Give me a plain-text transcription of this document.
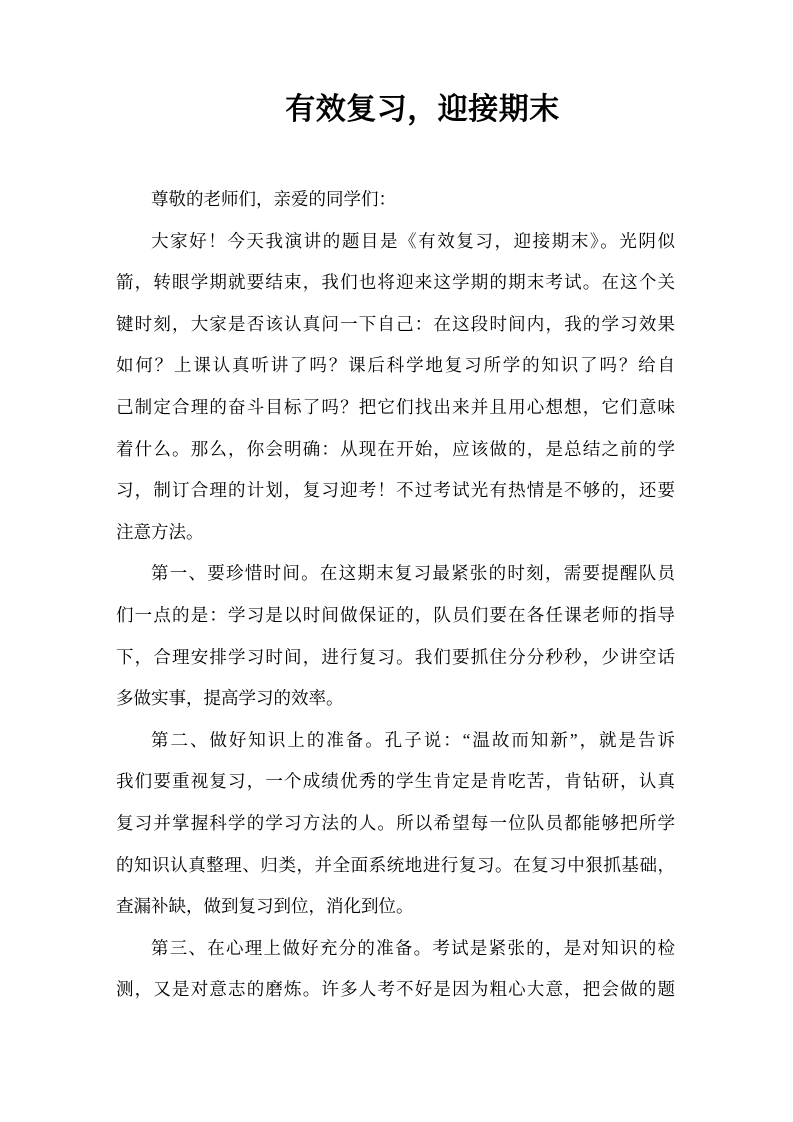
有效复习，迎接期末
尊敬的老师们，亲爱的同学们：
大家好！今天我演讲的题目是《有效复习，迎接期末》。光阴似
箭，转眼学期就要结束，我们也将迎来这学期的期末考试。在这个关
键时刻，大家是否该认真问一下自己：在这段时间内，我的学习效果
如何？上课认真听讲了吗？课后科学地复习所学的知识了吗？给自
己制定合理的奋斗目标了吗？把它们找出来并且用心想想，它们意味
着什么。那么，你会明确：从现在开始，应该做的，是总结之前的学
习，制订合理的计划，复习迎考！不过考试光有热情是不够的，还要
注意方法。
第一、要珍惜时间。在这期末复习最紧张的时刻，需要提醒队员
们一点的是：学习是以时间做保证的，队员们要在各任课老师的指导
下，合理安排学习时间，进行复习。我们要抓住分分秒秒，少讲空话
多做实事，提高学习的效率。
第二、做好知识上的准备。孔子说：“温故而知新”，就是告诉
我们要重视复习，一个成绩优秀的学生肯定是肯吃苦，肯钻研，认真
复习并掌握科学的学习方法的人。所以希望每一位队员都能够把所学
的知识认真整理、归类，并全面系统地进行复习。在复习中狠抓基础，
查漏补缺，做到复习到位，消化到位。
第三、在心理上做好充分的准备。考试是紧张的，是对知识的检
测，又是对意志的磨炼。许多人考不好是因为粗心大意，把会做的题
